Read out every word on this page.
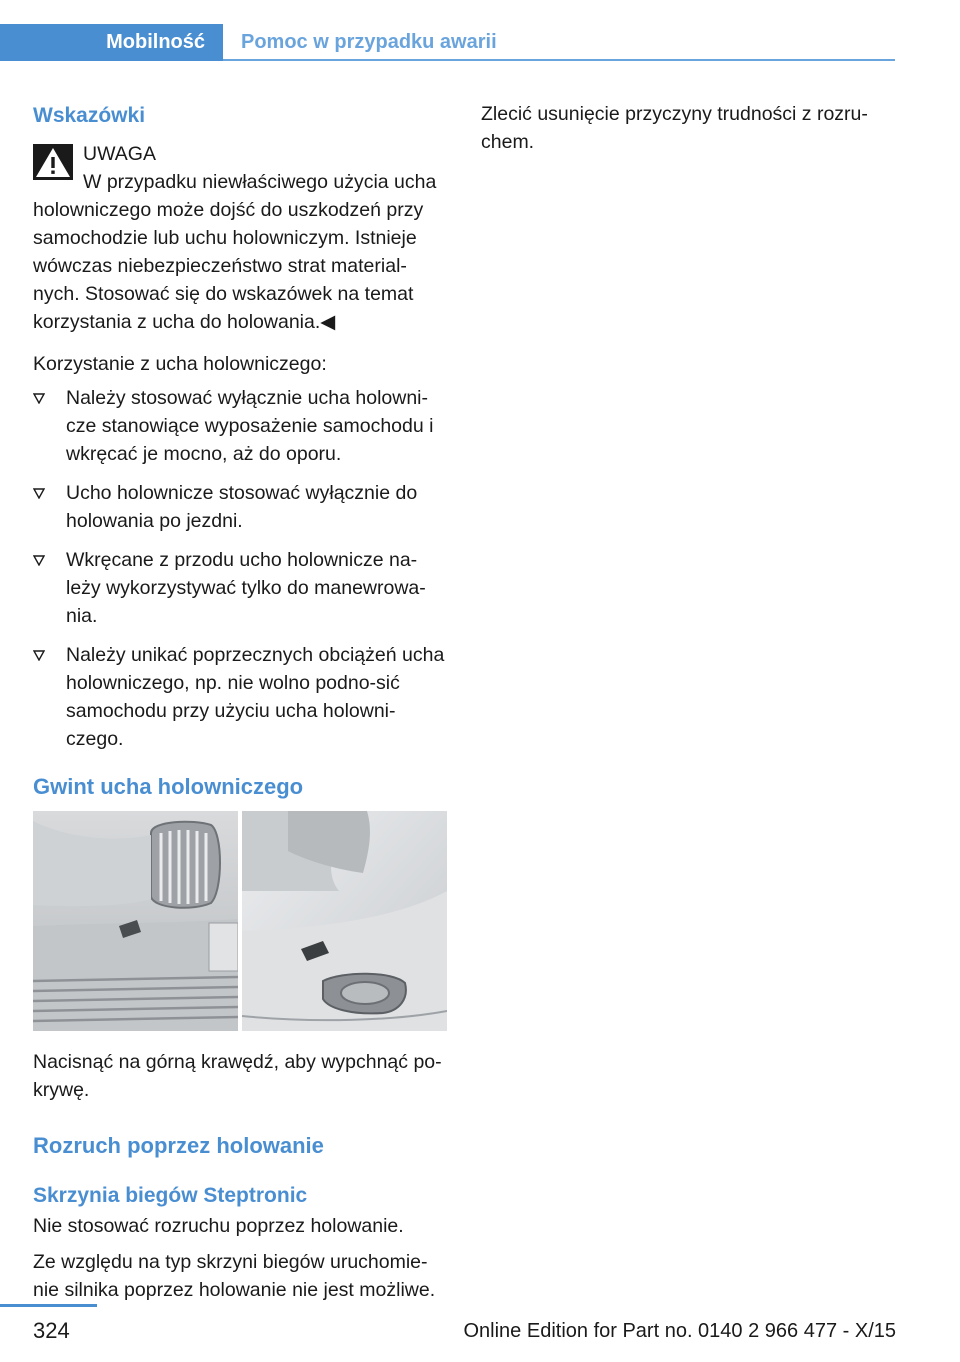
Mobilność	Pomoc w przypadku awarii
Wskazówki

UWAGA

W przypadku niewłaściwego użycia ucha

holowniczego może dojść do uszkodzeń przy samochodzie lub uchu holowniczym. Istnieje wówczas niebezpieczeństwo strat material‐nych. Stosować się do wskazówek na temat korzystania z ucha do holowania.◀

Korzystanie z ucha holowniczego:

Należy stosować wyłącznie ucha holowni‐cze stanowiące wyposażenie samochodu i wkręcać je mocno, aż do oporu.
Ucho holownicze stosować wyłącznie do holowania po jezdni.
Wkręcane z przodu ucho holownicze na‐leży wykorzystywać tylko do manewrowa‐nia.
Należy unikać poprzecznych obciążeń ucha holowniczego, np. nie wolno podno‐sić samochodu przy użyciu ucha holowni‐czego.
Gwint ucha holowniczego

Nacisnąć na górną krawędź, aby wypchnąć po‐krywę.

Rozruch poprzez holowanie
Skrzynia biegów Steptronic

Nie stosować rozruchu poprzez holowanie.

Ze względu na typ skrzyni biegów uruchomie‐nie silnika poprzez holowanie nie jest możliwe.

Zlecić usunięcie przyczyny trudności z rozru‐chem.

324	Online Edition for Part no. 0140 2 966 477 - X/15
